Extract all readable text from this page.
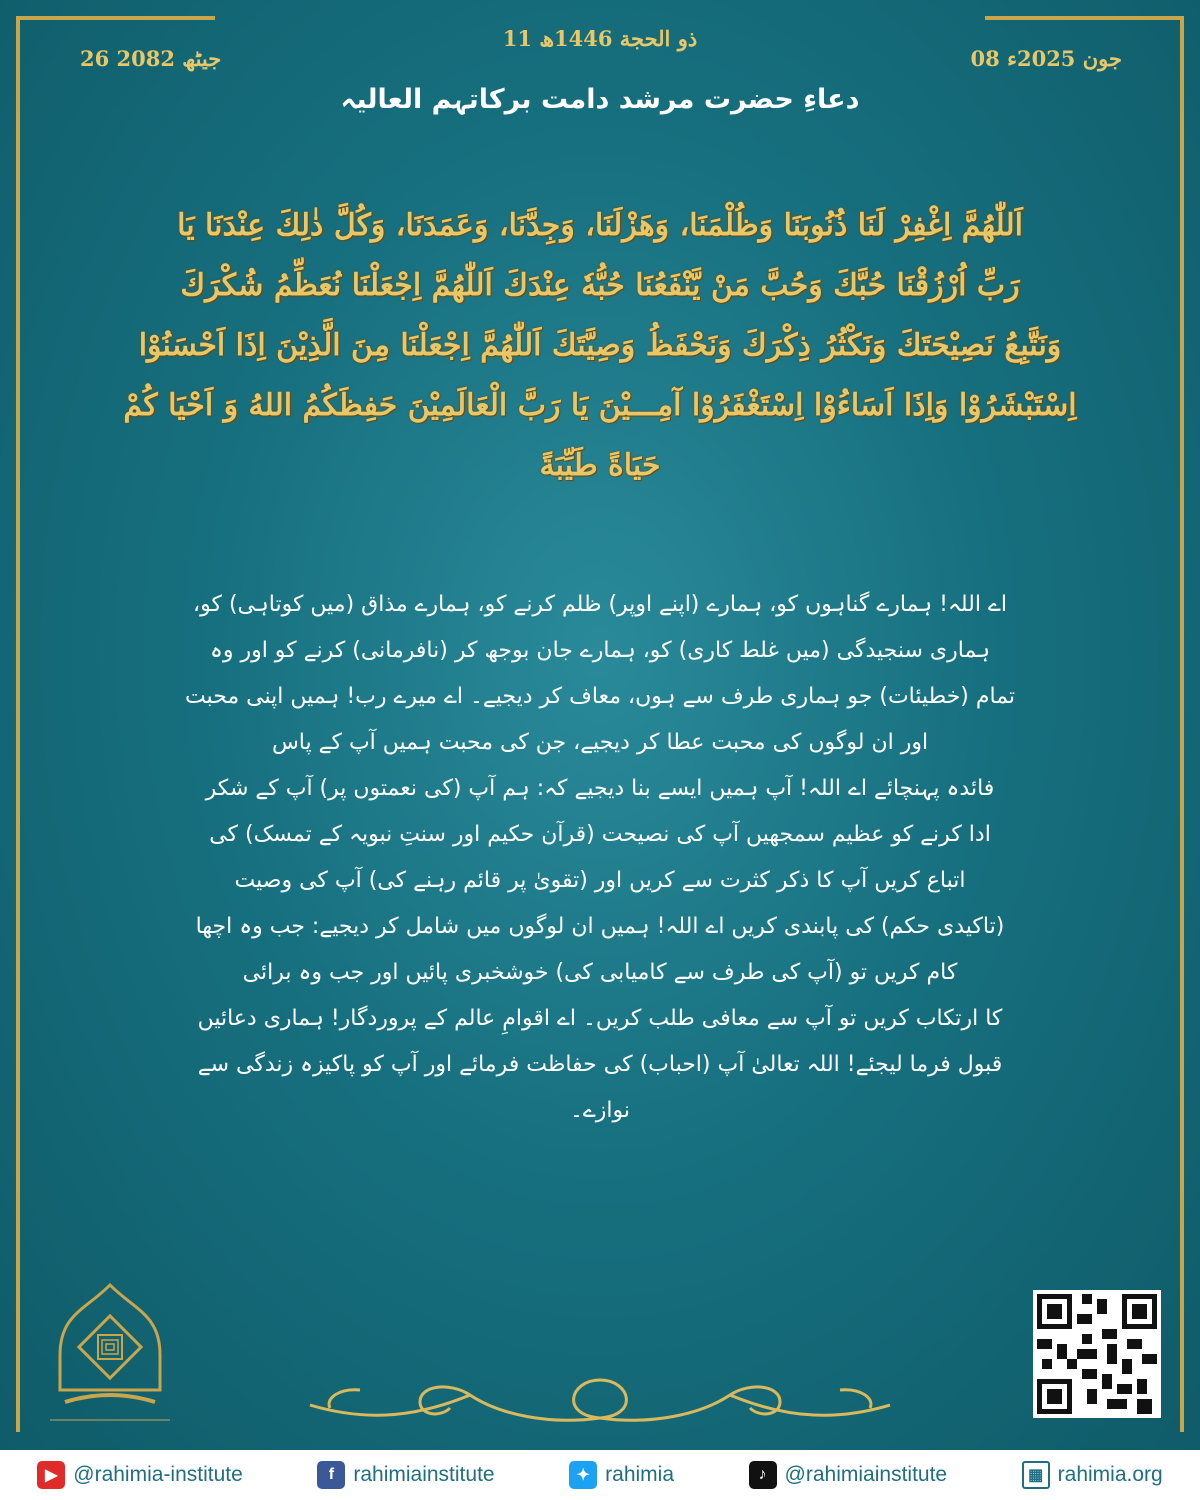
26 جیٹھ 2082
11 ذو الحجة 1446ھ
08 جون 2025ء
دعاءِ حضرت مرشد دامت برکاتہم العالیہ
اَللّٰهُمَّ اِغْفِرْ لَنَا ذُنُوبَنَا وَظُلْمَنَا، وَهَزْلَنَا، وَجِدَّنَا، وَعَمَدَنَا، وَكُلَّ ذٰلِكَ عِنْدَنَا يَا
رَبِّ اُرْزُقْنَا حُبَّكَ وَحُبَّ مَنْ يَّنْفَعُنَا حُبُّهٗ عِنْدَكَ اَللّٰهُمَّ اِجْعَلْنَا نُعَظِّمُ شُكْرَكَ
وَنَتَّبِعُ نَصِيْحَتَكَ وَنَكْثُرُ ذِكْرَكَ وَنَحْفَظُ وَصِيَّتَكَ اَللّٰهُمَّ اِجْعَلْنَا مِنَ الَّذِيْنَ اِذَا اَحْسَنُوْا
اِسْتَبْشَرُوْا وَاِذَا اَسَاءُوْا اِسْتَغْفَرُوْا آمِـــيْنَ يَا رَبَّ الْعَالَمِيْنَ حَفِظَكُمُ اللهُ وَ اَحْيَا كُمْ
حَيَاةً طَيِّبَةً
اے اللہ! ہمارے گناہوں کو، ہمارے (اپنے اوپر) ظلم کرنے کو، ہمارے مذاق (میں کوتاہی) کو،
ہماری سنجیدگی (میں غلط کاری) کو، ہمارے جان بوجھ کر (نافرمانی) کرنے کو اور وہ
تمام (خطیئات) جو ہماری طرف سے ہوں، معاف کر دیجیے۔ اے میرے رب! ہمیں اپنی محبت
اور ان لوگوں کی محبت عطا کر دیجیے، جن کی محبت ہمیں آپ کے پاس
فائدہ پہنچائے اے اللہ! آپ ہمیں ایسے بنا دیجیے کہ: ہم آپ (کی نعمتوں پر) آپ کے شکر
ادا کرنے کو عظیم سمجھیں آپ کی نصیحت (قرآن حکیم اور سنتِ نبویہ کے تمسک) کی
اتباع کریں آپ کا ذکر کثرت سے کریں اور (تقویٰ پر قائم رہنے کی) آپ کی وصیت
(تاکیدی حکم) کی پابندی کریں اے اللہ! ہمیں ان لوگوں میں شامل کر دیجیے: جب وہ اچھا
کام کریں تو (آپ کی طرف سے کامیابی کی) خوشخبری پائیں اور جب وہ برائی
کا ارتکاب کریں تو آپ سے معافی طلب کریں۔ اے اقوامِ عالم کے پروردگار! ہماری دعائیں
قبول فرما لیجئے! اللہ تعالیٰ آپ (احباب) کی حفاظت فرمائے اور آپ کو پاکیزہ زندگی سے
نوازے۔
▶ @rahimia-institute	f rahimiainstitute	✦ rahimia	♪ @rahimiainstitute	▦ rahimia.org
